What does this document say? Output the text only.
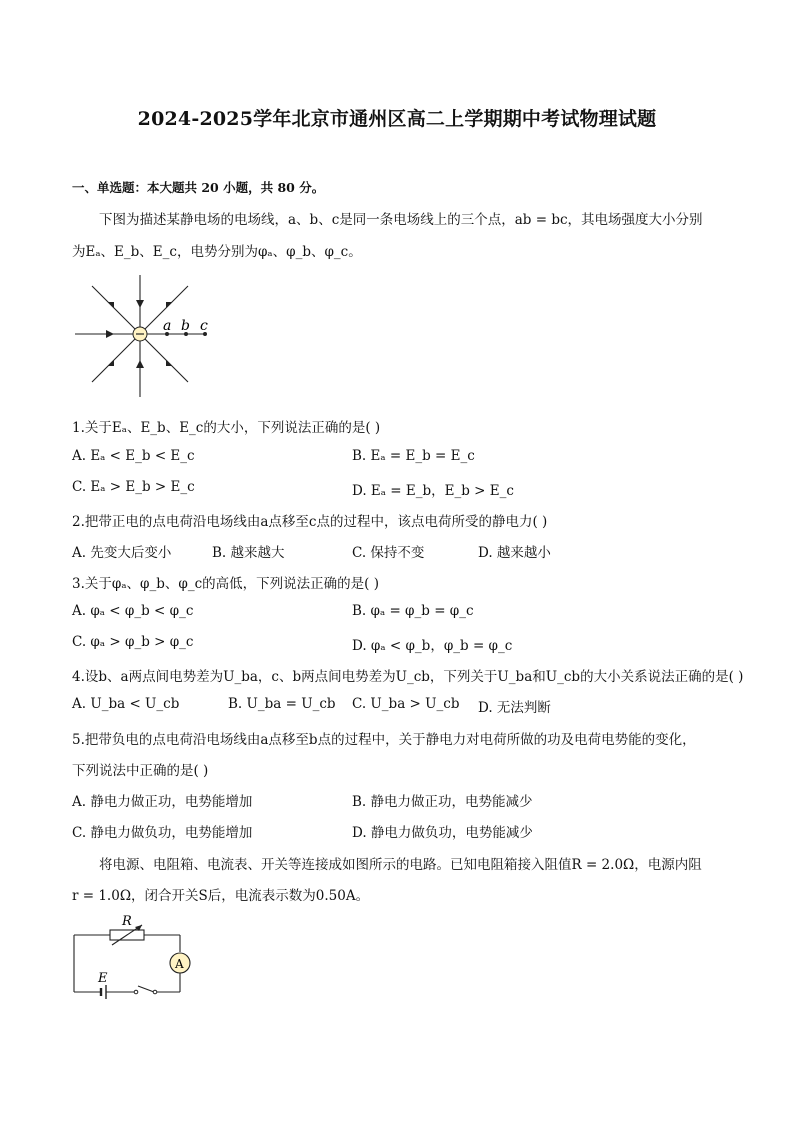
2024-2025学年北京市通州区高二上学期期中考试物理试题
一、单选题：本大题共 20 小题，共 80 分。
下图为描述某静电场的电场线，a、b、c是同一条电场线上的三个点，ab = bc，其电场强度大小分别
为Eₐ、E_b、E_c，电势分别为φₐ、φ_b、φ_c。
a b c
1.关于Eₐ、E_b、E_c的大小，下列说法正确的是( )
A. Eₐ < E_b < E_c	B. Eₐ = E_b = E_c
C. Eₐ > E_b > E_c	D. Eₐ = E_b，E_b > E_c
2.把带正电的点电荷沿电场线由a点移至c点的过程中，该点电荷所受的静电力( )
A. 先变大后变小	B. 越来越大	C. 保持不变	D. 越来越小
3.关于φₐ、φ_b、φ_c的高低，下列说法正确的是( )
A. φₐ < φ_b < φ_c	B. φₐ = φ_b = φ_c
C. φₐ > φ_b > φ_c	D. φₐ < φ_b，φ_b = φ_c
4.设b、a两点间电势差为U_ba，c、b两点间电势差为U_cb，下列关于U_ba和U_cb的大小关系说法正确的是( )
A. U_ba < U_cb	B. U_ba = U_cb C. U_ba > U_cb D. 无法判断
5.把带负电的点电荷沿电场线由a点移至b点的过程中，关于静电力对电荷所做的功及电荷电势能的变化，
下列说法中正确的是( )
A. 静电力做正功，电势能增加	B. 静电力做正功，电势能减少
C. 静电力做负功，电势能增加	D. 静电力做负功，电势能减少
将电源、电阻箱、电流表、开关等连接成如图所示的电路。已知电阻箱接入阻值R = 2.0Ω，电源内阻
r = 1.0Ω，闭合开关S后，电流表示数为0.50A。
R
E
A
